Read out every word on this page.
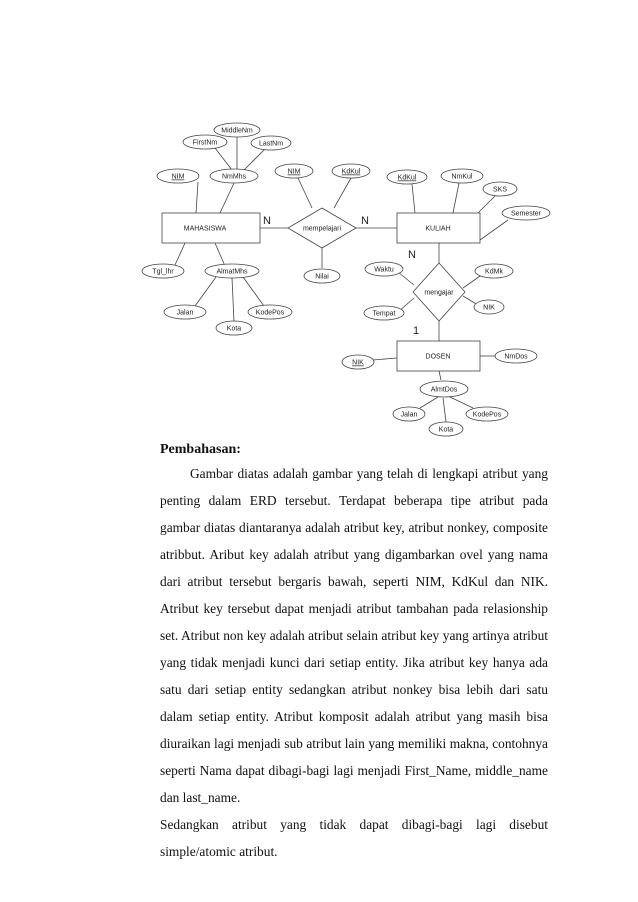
MiddleNm
FirstNm	LastNm
NIM	NmMhs
MAHASISWA
Tgl_lhr	AlmatMhs
Jalan	KodePos
Kota
NIM	KdKul
mempelajari
Nilai
N	N
KdKul	NmKul
SKS
Semester
KULIAH
N
Waktu	KdMk
mengajar
NIK
Tempat
1
DOSEN
NIK
NmDos
AlmtDos
Jalan	KodePos
Kota
Pembahasan:

Gambar diatas adalah gambar yang telah di lengkapi atribut yang penting dalam ERD tersebut. Terdapat beberapa tipe atribut pada gambar diatas diantaranya adalah atribut key, atribut nonkey, composite atribbut. Aribut key adalah atribut yang digambarkan ovel yang nama dari atribut tersebut bergaris bawah, seperti NIM, KdKul dan NIK. Atribut key tersebut dapat menjadi atribut tambahan pada relasionship set. Atribut non key adalah atribut selain atribut key yang artinya atribut yang tidak menjadi kunci dari setiap entity. Jika atribut key hanya ada satu dari setiap entity sedangkan atribut nonkey bisa lebih dari satu dalam setiap entity. Atribut komposit adalah atribut yang masih bisa diuraikan lagi menjadi sub atribut lain yang memiliki makna, contohnya seperti Nama dapat dibagi-bagi lagi menjadi First_Name, middle_name dan last_name.

Sedangkan atribut yang tidak dapat dibagi-bagi lagi disebut simple/atomic atribut.
